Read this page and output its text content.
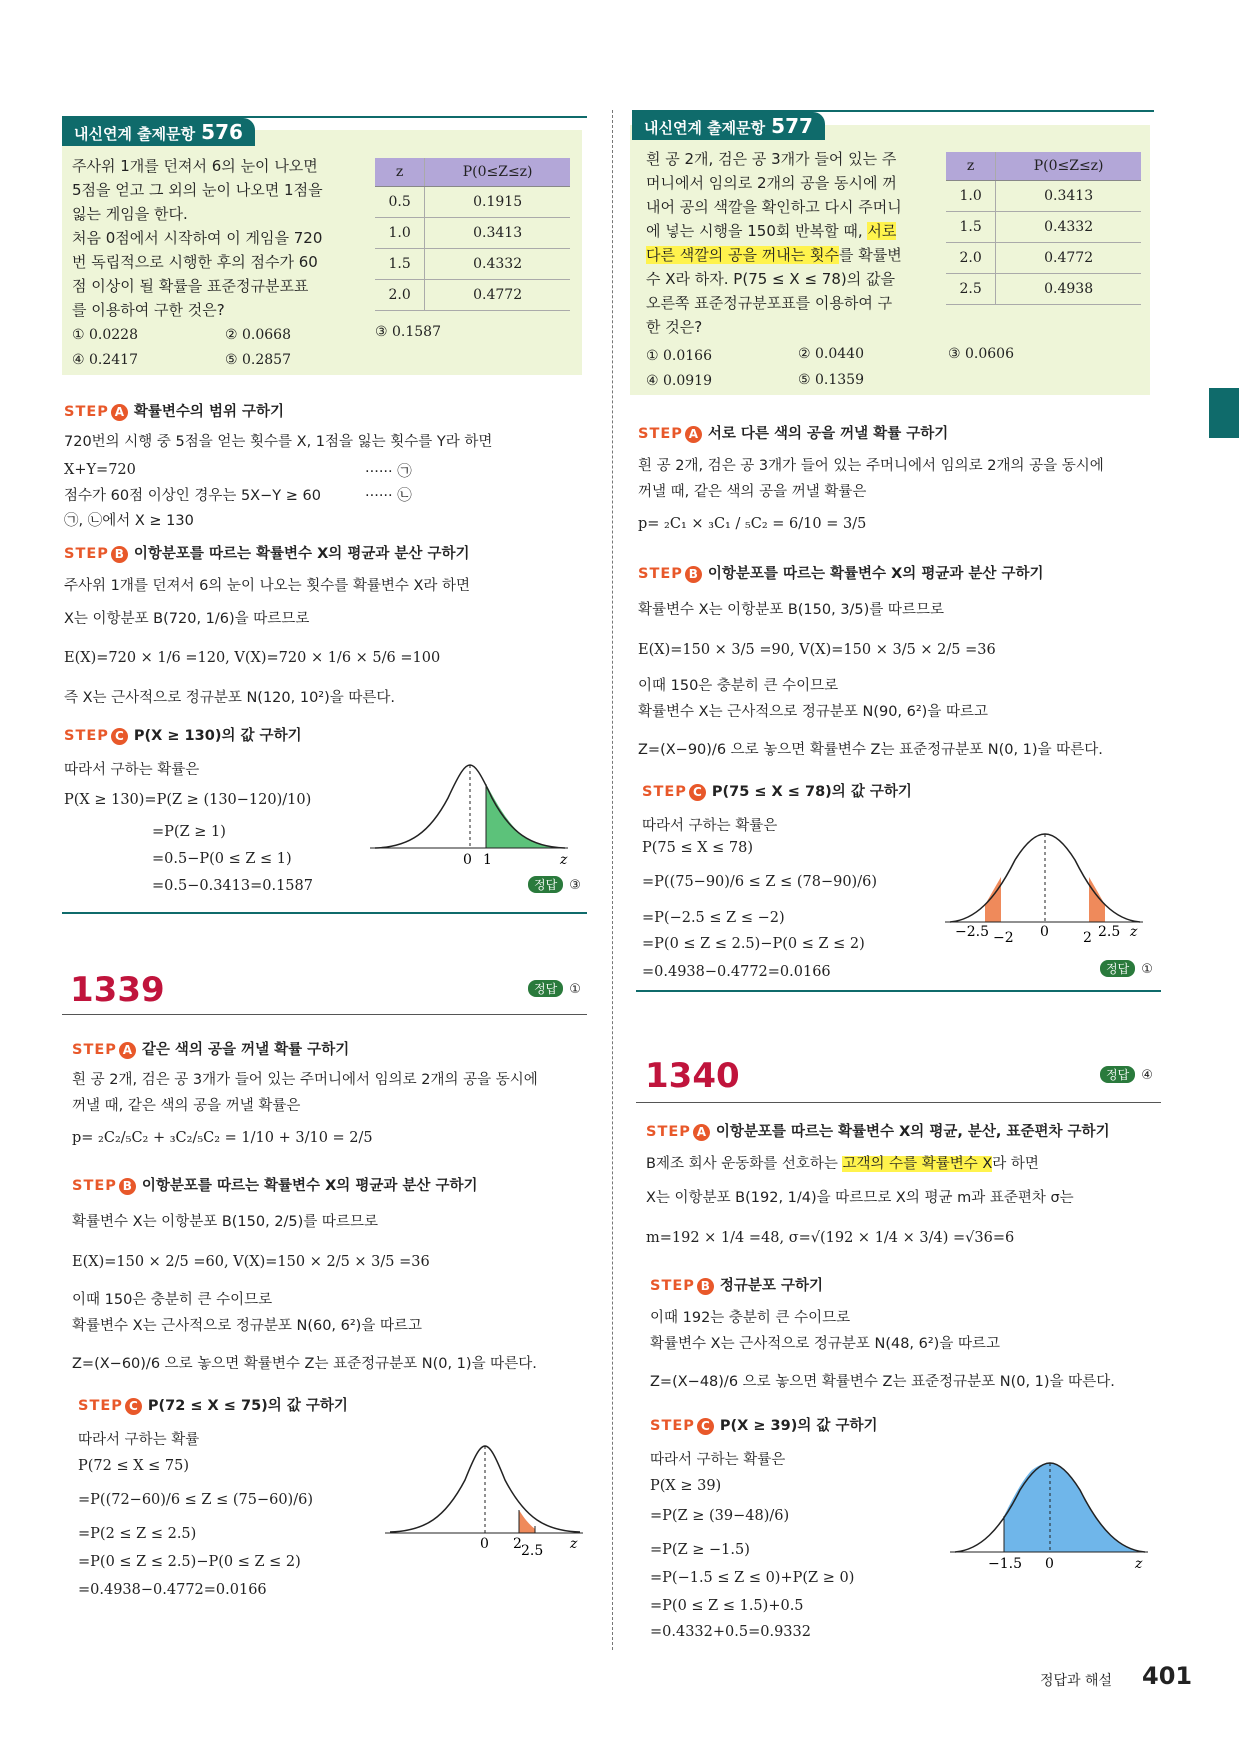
내신연계 출제문항 576
주사위 1개를 던져서 6의 눈이 나오면
5점을 얻고 그 외의 눈이 나오면 1점을
잃는 게임을 한다.
처음 0점에서 시작하여 이 게임을 720
번 독립적으로 시행한 후의 점수가 60
점 이상이 될 확률을 표준정규분포표
를 이용하여 구한 것은?
z	P(0≤Z≤z)
0.5	0.1915
1.0	0.3413
1.5	0.4332
2.0	0.4772
① 0.0228	② 0.0668	③ 0.1587
④ 0.2417	⑤ 0.2857
STEP A 확률변수의 범위 구하기
720번의 시행 중 5점을 얻는 횟수를 X, 1점을 잃는 횟수를 Y라 하면
X+Y=720	······ ㉠
점수가 60점 이상인 경우는 5X−Y ≥ 60	······ ㉡
㉠, ㉡에서 X ≥ 130
STEP B 이항분포를 따르는 확률변수 X의 평균과 분산 구하기
주사위 1개를 던져서 6의 눈이 나오는 횟수를 확률변수 X라 하면
X는 이항분포 B(720, 1/6)을 따르므로
E(X)=720 × 1/6 =120, V(X)=720 × 1/6 × 5/6 =100
즉 X는 근사적으로 정규분포 N(120, 10²)을 따른다.
STEP C P(X ≥ 130)의 값 구하기
따라서 구하는 확률은
P(X ≥ 130)=P(Z ≥ (130−120)/10)
=P(Z ≥ 1)
=0.5−P(0 ≤ Z ≤ 1)
=0.5−0.3413=0.1587
0 1	z
정답 ③
1339	정답 ①
STEP A 같은 색의 공을 꺼낼 확률 구하기
흰 공 2개, 검은 공 3개가 들어 있는 주머니에서 임의로 2개의 공을 동시에
꺼낼 때, 같은 색의 공을 꺼낼 확률은
p= ₂C₂/₅C₂ + ₃C₂/₅C₂ = 1/10 + 3/10 = 2/5
STEP B 이항분포를 따르는 확률변수 X의 평균과 분산 구하기
확률변수 X는 이항분포 B(150, 2/5)를 따르므로
E(X)=150 × 2/5 =60, V(X)=150 × 2/5 × 3/5 =36
이때 150은 충분히 큰 수이므로
확률변수 X는 근사적으로 정규분포 N(60, 6²)을 따르고
Z=(X−60)/6 으로 놓으면 확률변수 Z는 표준정규분포 N(0, 1)을 따른다.
STEP C P(72 ≤ X ≤ 75)의 값 구하기
따라서 구하는 확률
P(72 ≤ X ≤ 75)
=P((72−60)/6 ≤ Z ≤ (75−60)/6)
=P(2 ≤ Z ≤ 2.5)
=P(0 ≤ Z ≤ 2.5)−P(0 ≤ Z ≤ 2)
=0.4938−0.4772=0.0166
0 2 2.5 z
내신연계 출제문항 577
흰 공 2개, 검은 공 3개가 들어 있는 주
머니에서 임의로 2개의 공을 동시에 꺼
내어 공의 색깔을 확인하고 다시 주머니
에 넣는 시행을 150회 반복할 때, 서로
다른 색깔의 공을 꺼내는 횟수를 확률변
수 X라 하자. P(75 ≤ X ≤ 78)의 값을
오른쪽 표준정규분포표를 이용하여 구
한 것은?
z	P(0≤Z≤z)
1.0	0.3413
1.5	0.4332
2.0	0.4772
2.5	0.4938
① 0.0166	② 0.0440	③ 0.0606
④ 0.0919	⑤ 0.1359
STEP A 서로 다른 색의 공을 꺼낼 확률 구하기
흰 공 2개, 검은 공 3개가 들어 있는 주머니에서 임의로 2개의 공을 동시에
꺼낼 때, 같은 색의 공을 꺼낼 확률은
p= ₂C₁ × ₃C₁ / ₅C₂ = 6/10 = 3/5
STEP B 이항분포를 따르는 확률변수 X의 평균과 분산 구하기
확률변수 X는 이항분포 B(150, 3/5)를 따르므로
E(X)=150 × 3/5 =90, V(X)=150 × 3/5 × 2/5 =36
이때 150은 충분히 큰 수이므로
확률변수 X는 근사적으로 정규분포 N(90, 6²)을 따르고
Z=(X−90)/6 으로 놓으면 확률변수 Z는 표준정규분포 N(0, 1)을 따른다.
STEP C P(75 ≤ X ≤ 78)의 값 구하기
따라서 구하는 확률은
P(75 ≤ X ≤ 78)
=P((75−90)/6 ≤ Z ≤ (78−90)/6)
=P(−2.5 ≤ Z ≤ −2)
=P(0 ≤ Z ≤ 2.5)−P(0 ≤ Z ≤ 2)
=0.4938−0.4772=0.0166
−2.5 −2 0 2 2.5 z
정답 ①
1340	정답 ④
STEP A 이항분포를 따르는 확률변수 X의 평균, 분산, 표준편차 구하기
B제조 회사 운동화를 선호하는 고객의 수를 확률변수 X라 하면
X는 이항분포 B(192, 1/4)을 따르므로 X의 평균 m과 표준편차 σ는
m=192 × 1/4 =48, σ=√(192 × 1/4 × 3/4) =√36=6
STEP B 정규분포 구하기
이때 192는 충분히 큰 수이므로
확률변수 X는 근사적으로 정규분포 N(48, 6²)을 따르고
Z=(X−48)/6 으로 놓으면 확률변수 Z는 표준정규분포 N(0, 1)을 따른다.
STEP C P(X ≥ 39)의 값 구하기
따라서 구하는 확률은
P(X ≥ 39)
=P(Z ≥ (39−48)/6)
=P(Z ≥ −1.5)
=P(−1.5 ≤ Z ≤ 0)+P(Z ≥ 0)
=P(0 ≤ Z ≤ 1.5)+0.5
=0.4332+0.5=0.9332
−1.5 0	z
정답과 해설 401
